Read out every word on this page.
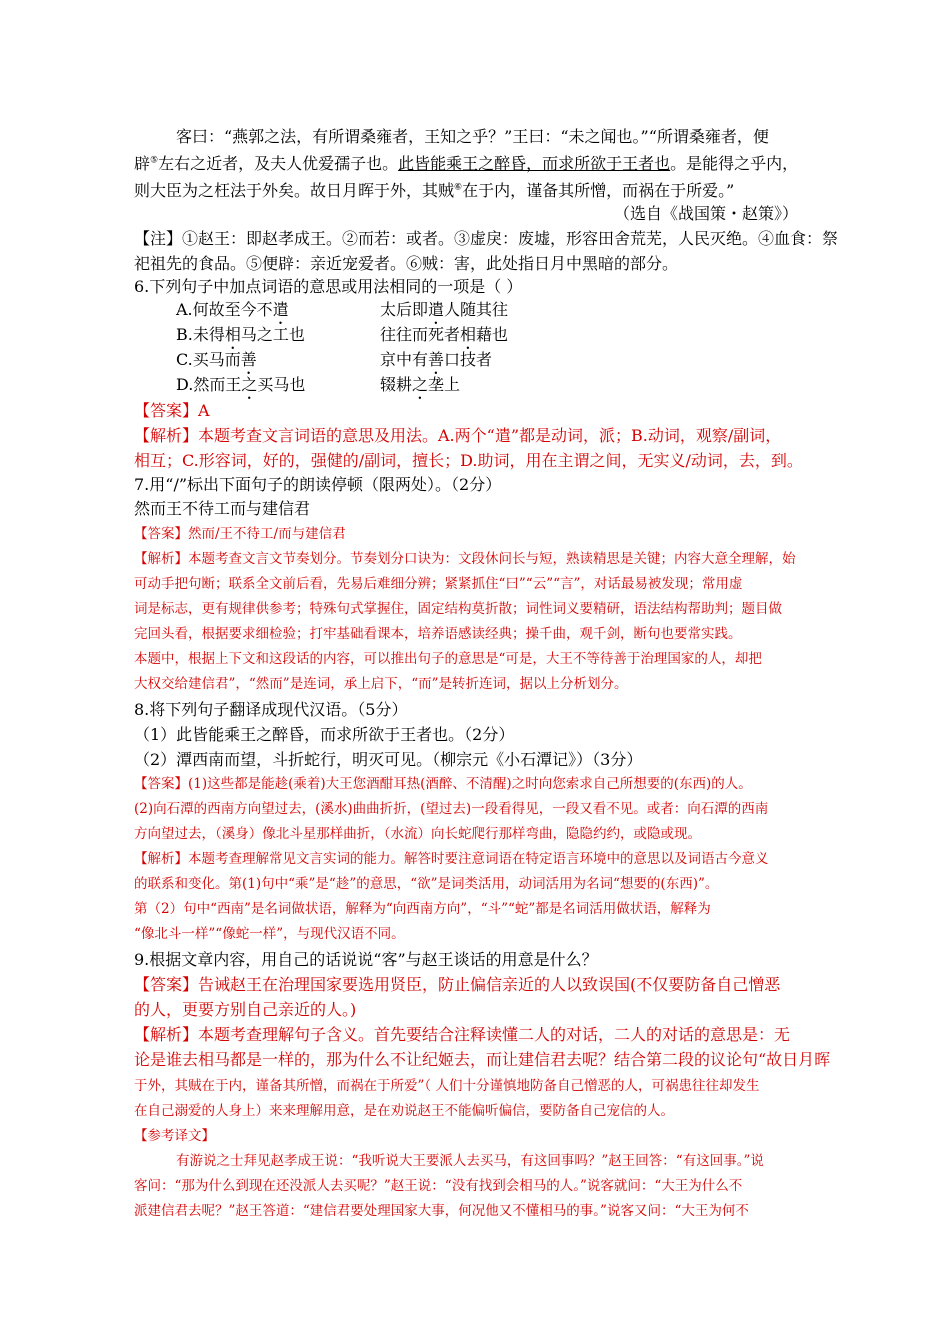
客曰：“燕郭之法，有所谓桑雍者，王知之乎？”王曰：“未之闻也。”“所谓桑雍者，便
辟⑤左右之近者，及夫人优爱孺子也。此皆能乘王之醉昏，而求所欲于王者也。是能得之乎内，
则大臣为之枉法于外矣。故日月晖于外，其贼⑥在于内，谨备其所憎，而祸在于所爱。”
（选自《战国策・赵策》）
【注】①赵王：即赵孝成王。②而若：或者。③虚戾：废墟，形容田舍荒芜，人民灭绝。④血食：祭
祀祖先的食品。⑤便辟：亲近宠爱者。⑥贼：害，此处指日月中黑暗的部分。
6.下列句子中加点词语的意思或用法相同的一项是（ ）
A.何故至今不遣	太后即遣人随其往
B.未得相马之工也	往往而死者相藉也
C.买马而善	京中有善口技者
D.然而王之买马也	辍耕之垄上
【答案】A
【解析】本题考查文言词语的意思及用法。A.两个“遣”都是动词，派；B.动词，观察/副词，
相互；C.形容词，好的，强健的/副词，擅长；D.助词，用在主谓之间，无实义/动词，去，到。
7.用“/”标出下面句子的朗读停顿（限两处）。（2分）
然而王不待工而与建信君
【答案】然而/王不待工/而与建信君
【解析】本题考查文言文节奏划分。节奏划分口诀为：文段休问长与短，熟读精思是关键；内容大意全理解，始
可动手把句断；联系全文前后看，先易后难细分辨；紧紧抓住“曰”“云”“言”，对话最易被发现；常用虚
词是标志，更有规律供参考；特殊句式掌握住，固定结构莫折散；词性词义要精研，语法结构帮助判；题目做
完回头看，根据要求细检验；打牢基础看课本，培养语感读经典；操千曲，观千剑，断句也要常实践。
本题中，根据上下文和这段话的内容，可以推出句子的意思是“可是，大王不等待善于治理国家的人，却把
大权交给建信君”，“然而”是连词，承上启下，“而”是转折连词，据以上分析划分。
8.将下列句子翻译成现代汉语。（5分）
（1）此皆能乘王之醉昏，而求所欲于王者也。（2分）
（2）潭西南而望，斗折蛇行，明灭可见。（柳宗元《小石潭记》）（3分）
【答案】(1)这些都是能趁(乘着)大王您酒酣耳热(酒醉、不清醒)之时向您索求自己所想要的(东西)的人。
(2)向石潭的西南方向望过去，(溪水)曲曲折折，(望过去)一段看得见，一段又看不见。或者：向石潭的西南
方向望过去，（溪身）像北斗星那样曲折，（水流）向长蛇爬行那样弯曲，隐隐约约，或隐或现。
【解析】本题考查理解常见文言实词的能力。解答时要注意词语在特定语言环境中的意思以及词语古今意义
的联系和变化。第(1)句中“乘”是“趁”的意思，“欲”是词类活用，动词活用为名词“想要的(东西)”。
第（2）句中“西南”是名词做状语，解释为“向西南方向”，“斗”“蛇”都是名词活用做状语，解释为
“像北斗一样”“像蛇一样”，与现代汉语不同。
9.根据文章内容，用自己的话说说“客”与赵王谈话的用意是什么？
【答案】告诫赵王在治理国家要选用贤臣，防止偏信亲近的人以致误国(不仅要防备自己憎恶
的人，更要方别自己亲近的人。)
【解析】本题考查理解句子含义。首先要结合注释读懂二人的对话，二人的对话的意思是：无
论是谁去相马都是一样的，那为什么不让纪姬去，而让建信君去呢？结合第二段的议论句“故日月晖
于外，其贼在于内，谨备其所憎，而祸在于所爱”（ 人们十分谨慎地防备自己憎恶的人，可祸患往往却发生
在自己溺爱的人身上）来来理解用意，是在劝说赵王不能偏听偏信，要防备自己宠信的人。
【参考译文】
有游说之士拜见赵孝成王说：“我听说大王要派人去买马，有这回事吗？”赵王回答：“有这回事。”说
客问：“那为什么到现在还没派人去买呢？”赵王说：“没有找到会相马的人。”说客就问：“大王为什么不
派建信君去呢？”赵王答道：“建信君要处理国家大事，何况他又不懂相马的事。”说客又问：“大王为何不
